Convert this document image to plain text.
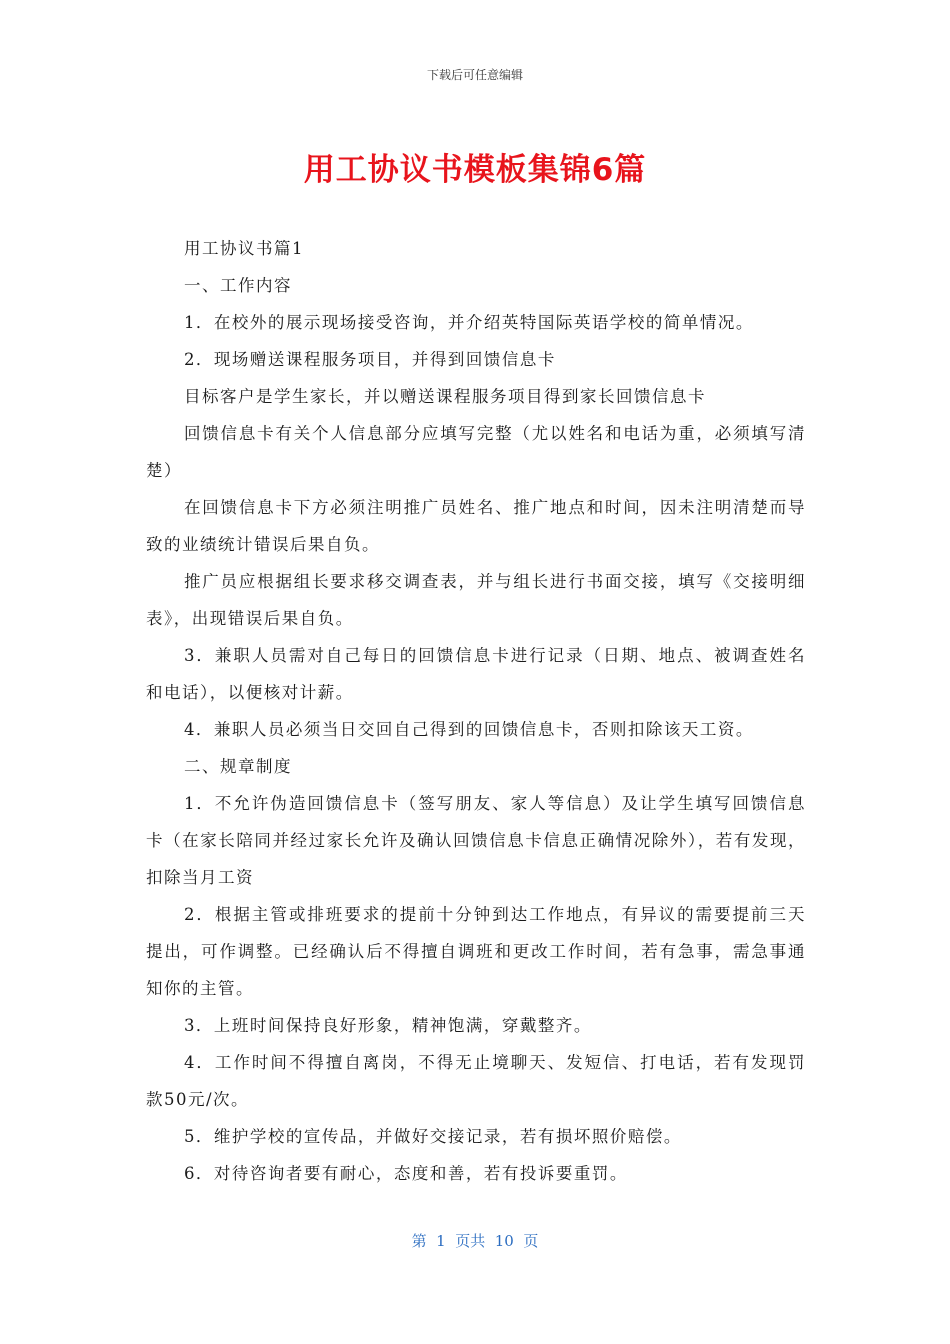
下载后可任意编辑
用工协议书模板集锦6篇

用工协议书篇1

一、工作内容

1．在校外的展示现场接受咨询，并介绍英特国际英语学校的简单情况。

2．现场赠送课程服务项目，并得到回馈信息卡

目标客户是学生家长，并以赠送课程服务项目得到家长回馈信息卡

回馈信息卡有关个人信息部分应填写完整（尤以姓名和电话为重，必须填写清楚）

在回馈信息卡下方必须注明推广员姓名、推广地点和时间，因未注明清楚而导致的业绩统计错误后果自负。

推广员应根据组长要求移交调查表，并与组长进行书面交接，填写《交接明细表》，出现错误后果自负。

3．兼职人员需对自己每日的回馈信息卡进行记录（日期、地点、被调查姓名和电话），以便核对计薪。

4．兼职人员必须当日交回自己得到的回馈信息卡，否则扣除该天工资。

二、规章制度

1．不允许伪造回馈信息卡（签写朋友、家人等信息）及让学生填写回馈信息卡（在家长陪同并经过家长允许及确认回馈信息卡信息正确情况除外），若有发现，扣除当月工资

2．根据主管或排班要求的提前十分钟到达工作地点，有异议的需要提前三天提出，可作调整。已经确认后不得擅自调班和更改工作时间，若有急事，需急事通知你的主管。

3．上班时间保持良好形象，精神饱满，穿戴整齐。

4．工作时间不得擅自离岗，不得无止境聊天、发短信、打电话，若有发现罚款50元/次。

5．维护学校的宣传品，并做好交接记录，若有损坏照价赔偿。

6．对待咨询者要有耐心，态度和善，若有投诉要重罚。

第  1  页共  10  页
